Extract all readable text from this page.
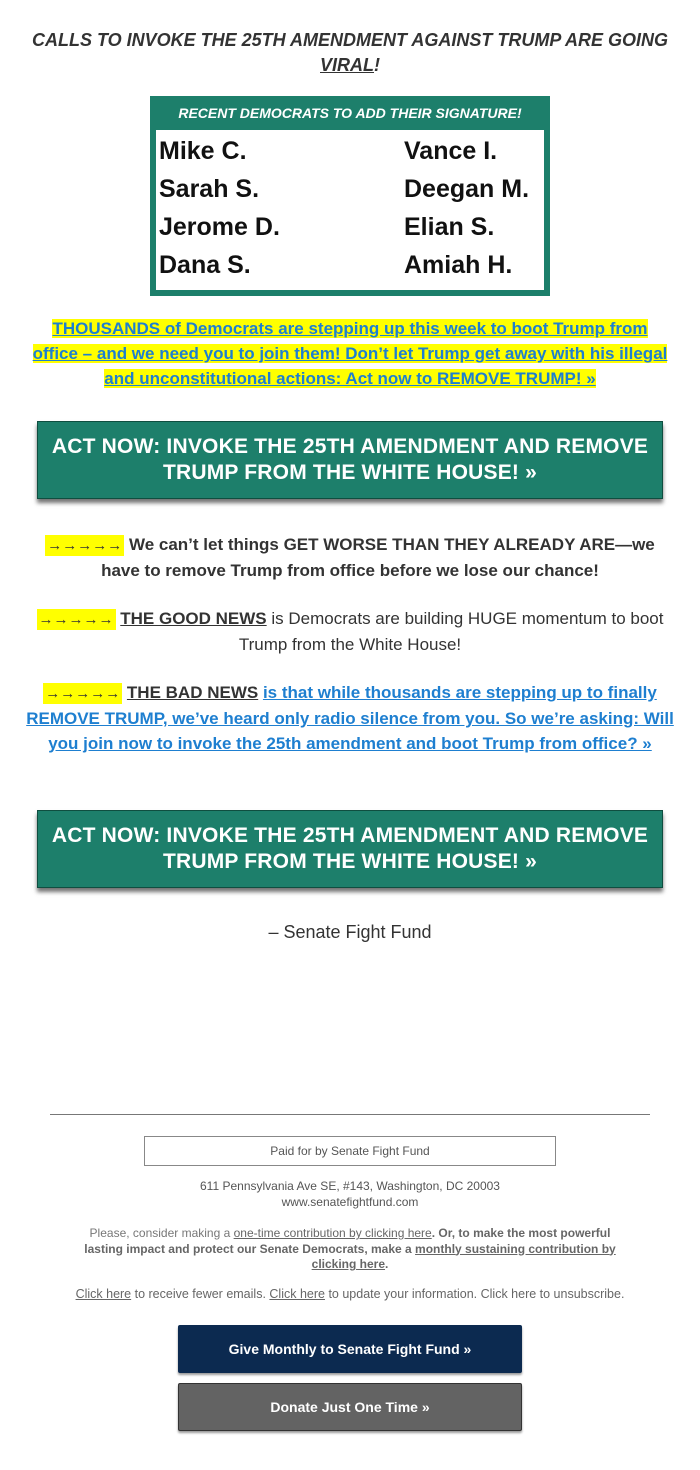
CALLS TO INVOKE THE 25TH AMENDMENT AGAINST TRUMP ARE GOING VIRAL!
RECENT DEMOCRATS TO ADD THEIR SIGNATURE!
Mike C.
Sarah S.
Jerome D.
Dana S.
Vance I.
Deegan M.
Elian S.
Amiah H.
THOUSANDS of Democrats are stepping up this week to boot Trump from office – and we need you to join them! Don’t let Trump get away with his illegal and unconstitutional actions: Act now to REMOVE TRUMP! »
ACT NOW: INVOKE THE 25TH AMENDMENT AND REMOVE TRUMP FROM THE WHITE HOUSE! »
→→→→→ We can’t let things GET WORSE THAN THEY ALREADY ARE—we have to remove Trump from office before we lose our chance!
→→→→→ THE GOOD NEWS is Democrats are building HUGE momentum to boot Trump from the White House!
→→→→→ THE BAD NEWS is that while thousands are stepping up to finally REMOVE TRUMP, we’ve heard only radio silence from you. So we’re asking: Will you join now to invoke the 25th amendment and boot Trump from office? »
ACT NOW: INVOKE THE 25TH AMENDMENT AND REMOVE TRUMP FROM THE WHITE HOUSE! »
– Senate Fight Fund
Paid for by Senate Fight Fund
611 Pennsylvania Ave SE, #143, Washington, DC 20003
www.senatefightfund.com
Please, consider making a one-time contribution by clicking here. Or, to make the most powerful lasting impact and protect our Senate Democrats, make a monthly sustaining contribution by clicking here.
Click here to receive fewer emails. Click here to update your information. Click here to unsubscribe.
Give Monthly to Senate Fight Fund »
Donate Just One Time »
